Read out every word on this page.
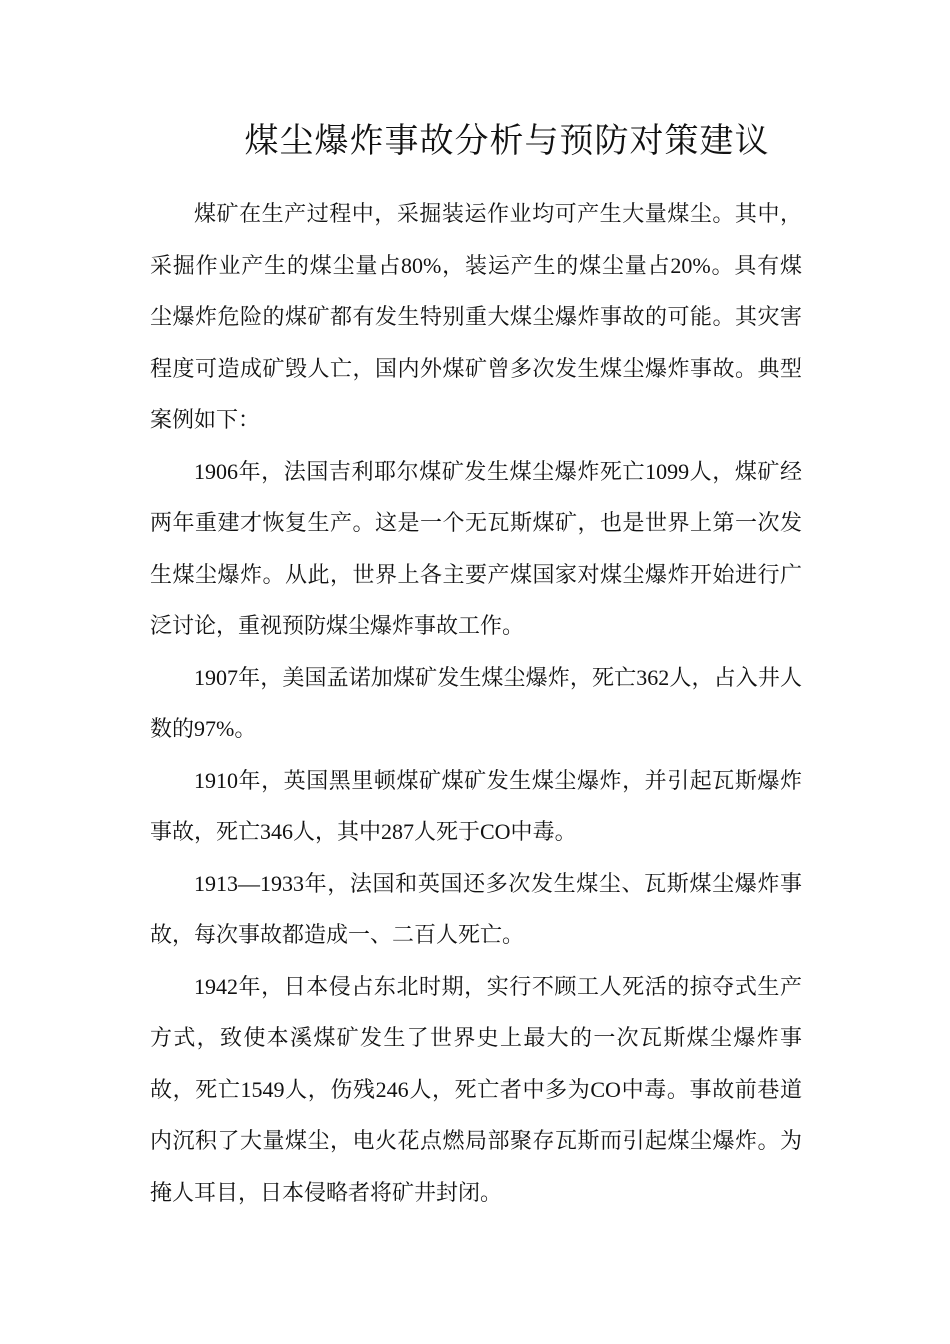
煤尘爆炸事故分析与预防对策建议

煤矿在生产过程中，采掘装运作业均可产生大量煤尘。其中，采掘作业产生的煤尘量占80%，装运产生的煤尘量占20%。具有煤尘爆炸危险的煤矿都有发生特别重大煤尘爆炸事故的可能。其灾害程度可造成矿毁人亡，国内外煤矿曾多次发生煤尘爆炸事故。典型案例如下：

1906年，法国吉利耶尔煤矿发生煤尘爆炸死亡1099人，煤矿经两年重建才恢复生产。这是一个无瓦斯煤矿，也是世界上第一次发生煤尘爆炸。从此，世界上各主要产煤国家对煤尘爆炸开始进行广泛讨论，重视预防煤尘爆炸事故工作。

1907年，美国孟诺加煤矿发生煤尘爆炸，死亡362人，占入井人数的97%。

1910年，英国黑里顿煤矿煤矿发生煤尘爆炸，并引起瓦斯爆炸事故，死亡346人，其中287人死于CO中毒。

1913—1933年，法国和英国还多次发生煤尘、瓦斯煤尘爆炸事故，每次事故都造成一、二百人死亡。

1942年，日本侵占东北时期，实行不顾工人死活的掠夺式生产方式，致使本溪煤矿发生了世界史上最大的一次瓦斯煤尘爆炸事故，死亡1549人，伤残246人，死亡者中多为CO中毒。事故前巷道内沉积了大量煤尘，电火花点燃局部聚存瓦斯而引起煤尘爆炸。为掩人耳目，日本侵略者将矿井封闭。
